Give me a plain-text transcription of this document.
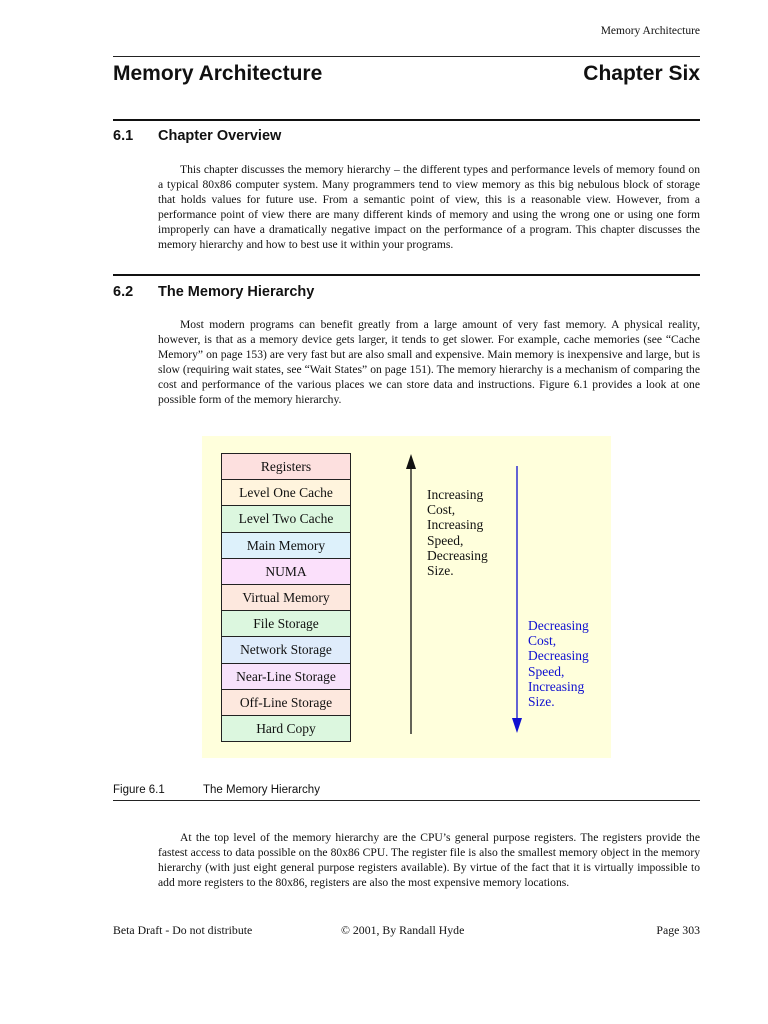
Memory Architecture
Memory Architecture	Chapter Six
6.1 Chapter Overview

This chapter discusses the memory hierarchy – the different types and performance levels of memory found on a typical 80x86 computer system. Many programmers tend to view memory as this big nebulous block of storage that holds values for future use. From a semantic point of view, this is a reasonable view. However, from a performance point of view there are many different kinds of memory and using the wrong one or using one form improperly can have a dramatically negative impact on the performance of a program. This chapter discusses the memory hierarchy and how to best use it within your programs.

6.2 The Memory Hierarchy

Most modern programs can benefit greatly from a large amount of very fast memory. A physical reality, however, is that as a memory device gets larger, it tends to get slower. For example, cache memories (see “Cache Memory” on page 153) are very fast but are also small and expensive. Main memory is inexpensive and large, but is slow (requiring wait states, see “Wait States” on page 151). The memory hierarchy is a mechanism of comparing the cost and performance of the various places we can store data and instructions. Figure 6.1 provides a look at one possible form of the memory hierarchy.

Registers
Level One Cache
Level Two Cache
Main Memory
NUMA
Virtual Memory
File Storage
Network Storage
Near-Line Storage
Off-Line Storage
Hard Copy
Increasing
Cost,
Increasing
Speed,
Decreasing
Size.
Decreasing
Cost,
Decreasing
Speed,
Increasing
Size.
Figure 6.1	The Memory Hierarchy

At the top level of the memory hierarchy are the CPU’s general purpose registers. The registers provide the fastest access to data possible on the 80x86 CPU. The register file is also the smallest memory object in the memory hierarchy (with just eight general purpose registers available). By virtue of the fact that it is virtually impossible to add more registers to the 80x86, registers are also the most expensive memory locations.

Beta Draft - Do not distribute	© 2001, By Randall Hyde	Page 303
